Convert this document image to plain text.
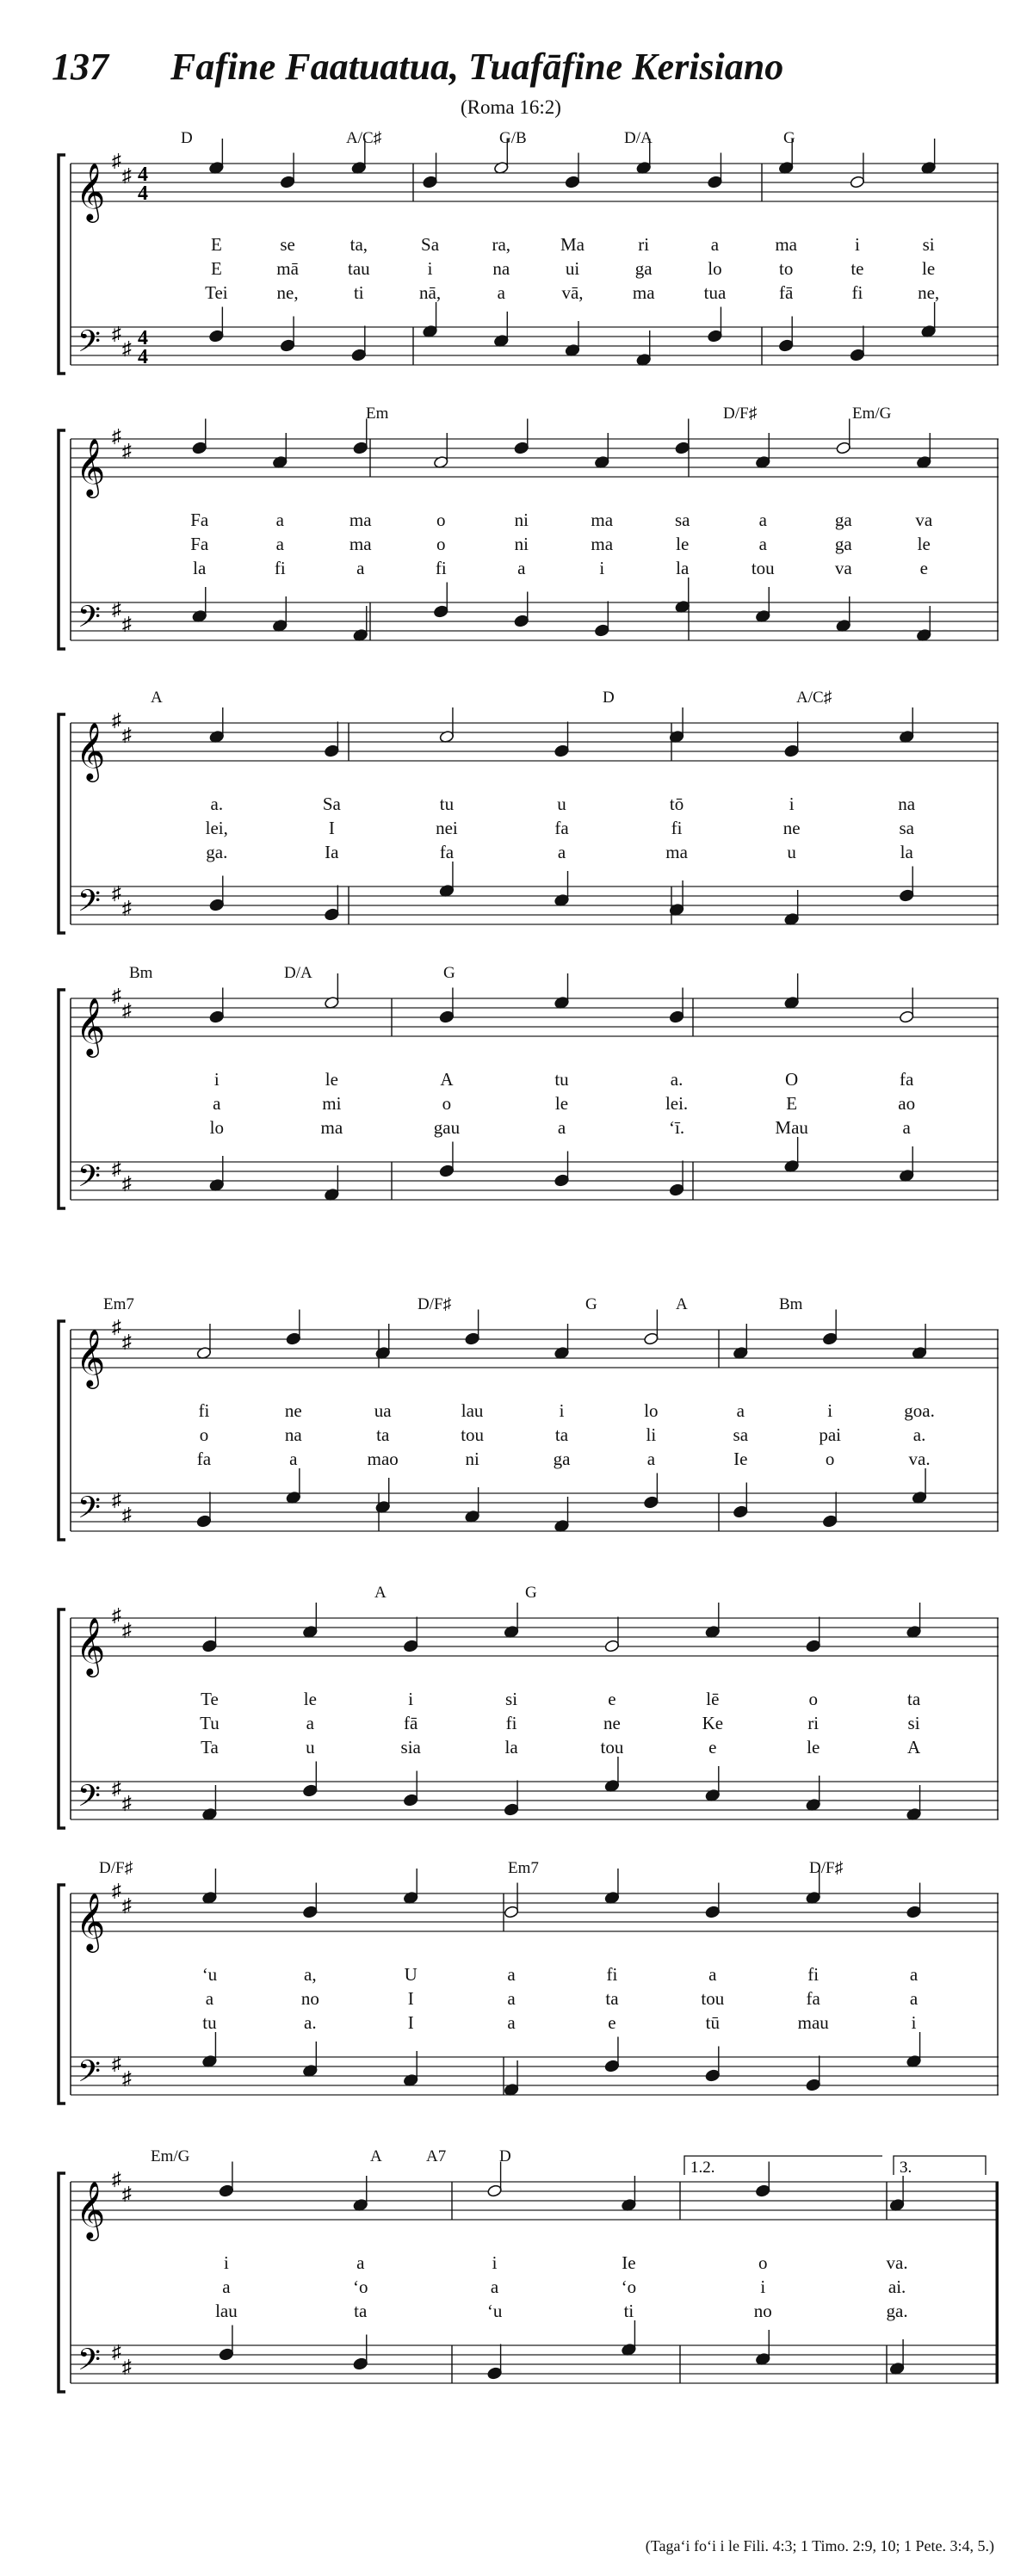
137 Fafine Faatuatua, Tuafāfine Kerisiano
(Roma 16:2)
𝄞
𝄢
♯
♯
♯
♯
4
4
4
4
D	A/C♯	G/B	D/A	G
E	se	ta,	Sa	ra,	Ma	ri	a	ma	i	si
E	mā	tau	i	na	ui	ga	lo	to	te	le
Tei	ne,	ti	nā,	a	vā,	ma	tua	fā	fi	ne,
𝄞
𝄢
♯
♯
♯
♯
Em	D/F♯	Em/G
Fa	a	ma	o	ni	ma	sa	a	ga	va
Fa	a	ma	o	ni	ma	le	a	ga	le
la	fi	a	fi	a	i	la	tou	va	e
𝄞
𝄢
♯
♯
♯
♯
A	D	A/C♯
a.	Sa	tu	u	tō	i	na
lei,	I	nei	fa	fi	ne	sa
ga.	Ia	fa	a	ma	u	la
𝄞
𝄢
♯
♯
♯
♯
Bm	D/A	G
i	le	A	tu	a.	O	fa
a	mi	o	le	lei.	E	ao
lo	ma	gau	a	‘ī.	Mau	a
𝄞
𝄢
♯
♯
♯
♯
Em7	D/F♯	G	A	Bm
fi	ne	ua	lau	i	lo	a	i	goa.
o	na	ta	tou	ta	li	sa	pai	a.
fa	a	mao	ni	ga	a	Ie	o	va.
𝄞
𝄢
♯
♯
♯
♯
A	G
Te	le	i	si	e	lē	o	ta
Tu	a	fā	fi	ne	Ke	ri	si
Ta	u	sia	la	tou	e	le	A
𝄞
𝄢
♯
♯
♯
♯
D/F♯	Em7	D/F♯
‘u	a,	U	a	fi	a	fi	a
a	no	I	a	ta	tou	fa	a
tu	a.	I	a	e	tū	mau	i
𝄞
𝄢
♯
♯
♯
♯
1.2.	3.
Em/G	A	A7	D
i	a	i	Ie	o	va.
a	‘o	a	‘o	i	ai.
lau	ta	‘u	ti	no	ga.
(Taga‘i fo‘i i le Fili. 4:3; 1 Timo. 2:9, 10; 1 Pete. 3:4, 5.)
